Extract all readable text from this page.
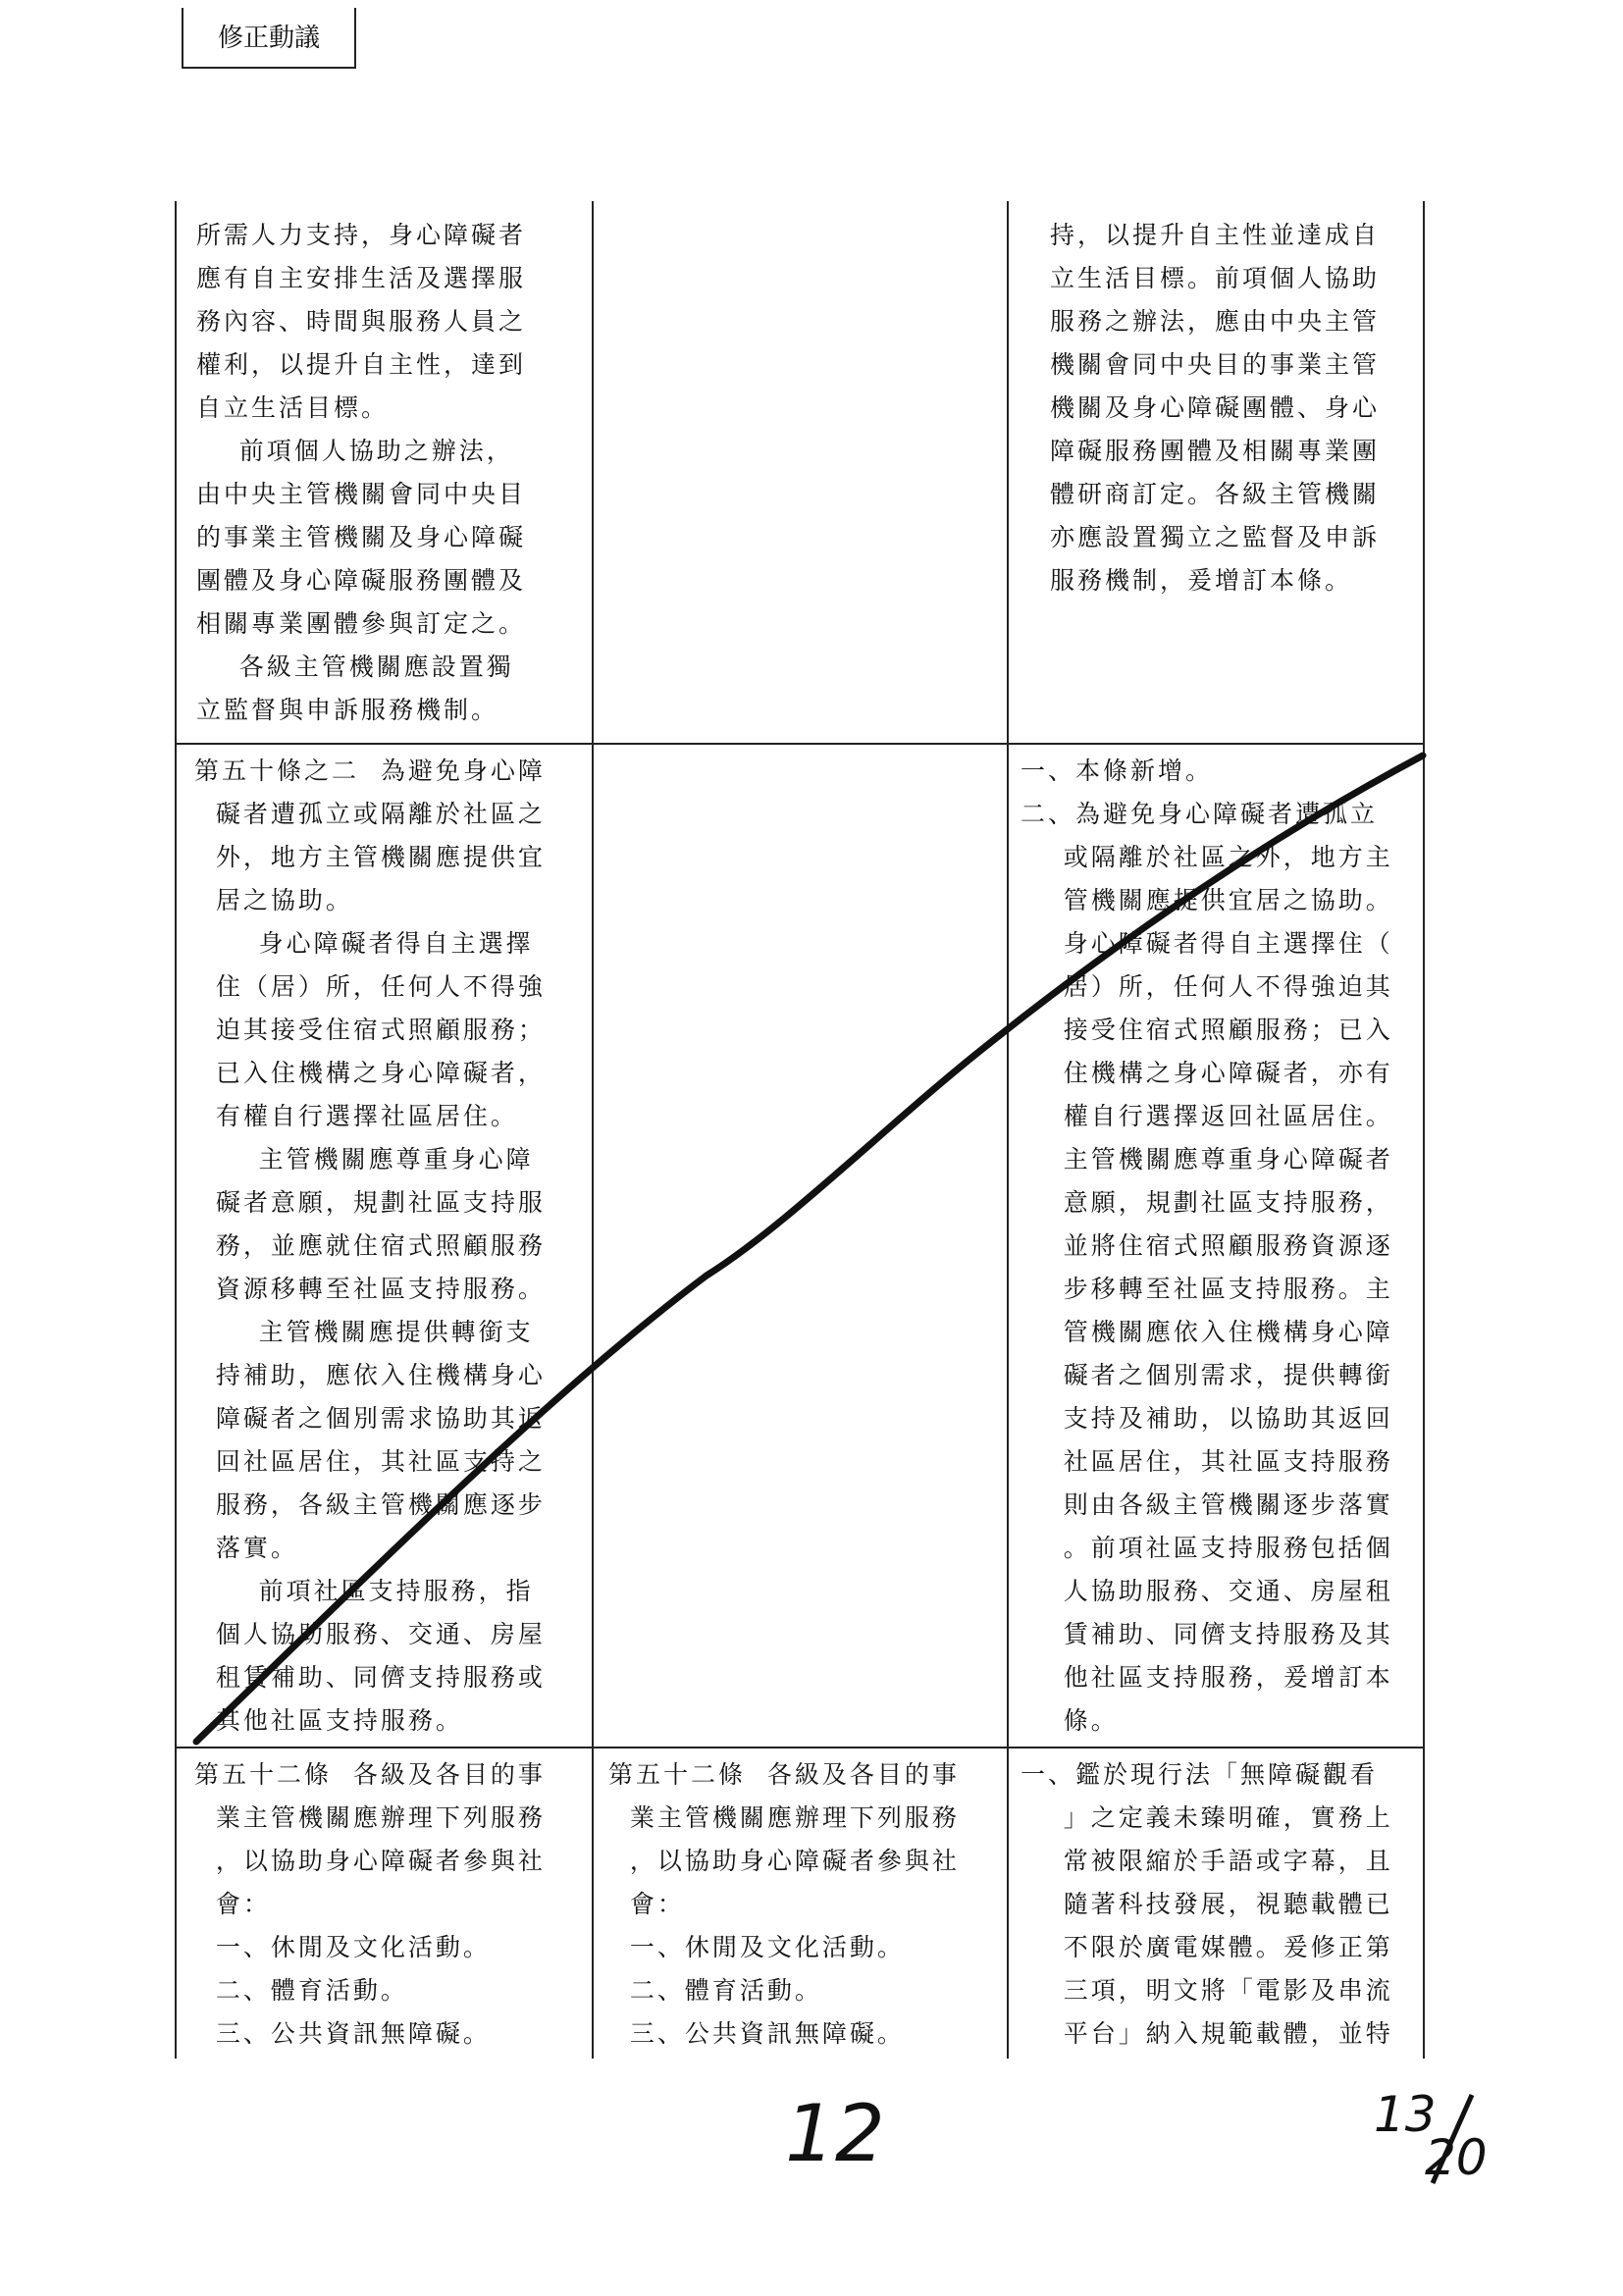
修正動議
所需人力支持，身心障礙者
應有自主安排生活及選擇服
務內容、時間與服務人員之
權利，以提升自主性，達到
自立生活目標。
前項個人協助之辦法，
由中央主管機關會同中央目
的事業主管機關及身心障礙
團體及身心障礙服務團體及
相關專業團體參與訂定之。
各級主管機關應設置獨
立監督與申訴服務機制。
持，以提升自主性並達成自
立生活目標。前項個人協助
服務之辦法，應由中央主管
機關會同中央目的事業主管
機關及身心障礙團體、身心
障礙服務團體及相關專業團
體研商訂定。各級主管機關
亦應設置獨立之監督及申訴
服務機制，爰增訂本條。
第五十條之二  為避免身心障
礙者遭孤立或隔離於社區之
外，地方主管機關應提供宜
居之協助。
身心障礙者得自主選擇
住（居）所，任何人不得強
迫其接受住宿式照顧服務；
已入住機構之身心障礙者，
有權自行選擇社區居住。
主管機關應尊重身心障
礙者意願，規劃社區支持服
務，並應就住宿式照顧服務
資源移轉至社區支持服務。
主管機關應提供轉銜支
持補助，應依入住機構身心
障礙者之個別需求協助其返
回社區居住，其社區支持之
服務，各級主管機關應逐步
落實。
前項社區支持服務，指
個人協助服務、交通、房屋
租賃補助、同儕支持服務或
其他社區支持服務。
一、本條新增。
二、為避免身心障礙者遭孤立
或隔離於社區之外，地方主
管機關應提供宜居之協助。
身心障礙者得自主選擇住（
居）所，任何人不得強迫其
接受住宿式照顧服務；已入
住機構之身心障礙者，亦有
權自行選擇返回社區居住。
主管機關應尊重身心障礙者
意願，規劃社區支持服務，
並將住宿式照顧服務資源逐
步移轉至社區支持服務。主
管機關應依入住機構身心障
礙者之個別需求，提供轉銜
支持及補助，以協助其返回
社區居住，其社區支持服務
則由各級主管機關逐步落實
。前項社區支持服務包括個
人協助服務、交通、房屋租
賃補助、同儕支持服務及其
他社區支持服務，爰增訂本
條。
第五十二條  各級及各目的事
業主管機關應辦理下列服務
，以協助身心障礙者參與社
會：
一、休閒及文化活動。
二、體育活動。
三、公共資訊無障礙。
第五十二條  各級及各目的事
業主管機關應辦理下列服務
，以協助身心障礙者參與社
會：
一、休閒及文化活動。
二、體育活動。
三、公共資訊無障礙。
一、鑑於現行法「無障礙觀看
」之定義未臻明確，實務上
常被限縮於手語或字幕，且
隨著科技發展，視聽載體已
不限於廣電媒體。爰修正第
三項，明文將「電影及串流
平台」納入規範載體，並特
12	13
20
